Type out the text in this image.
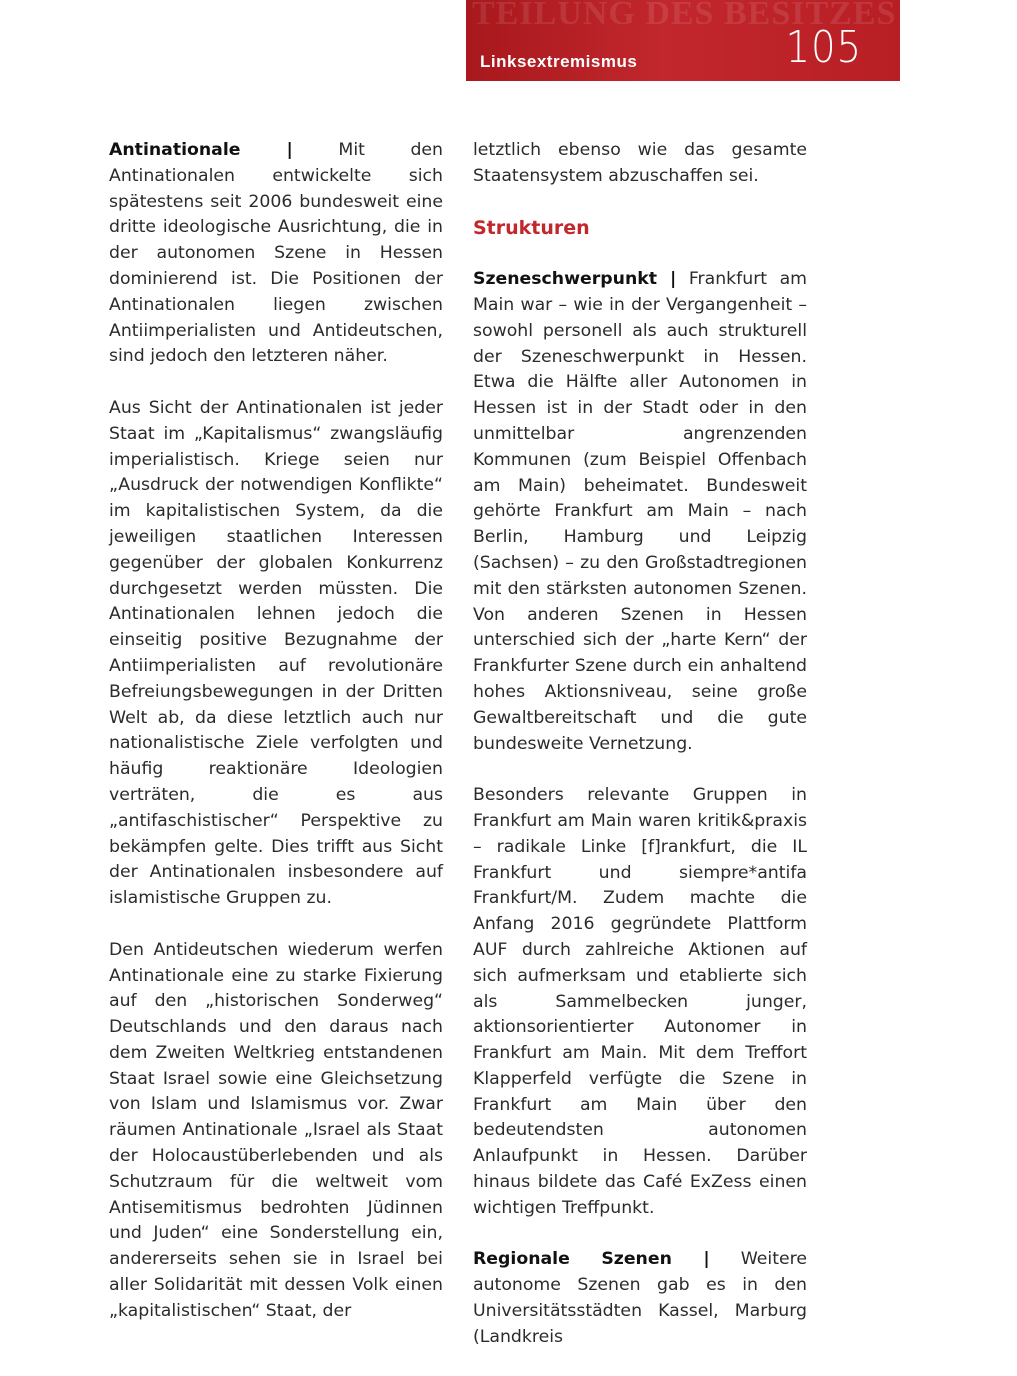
TEILUNG DES BESITZES ... mus.
Linksextremismus	105

Antinationale | Mit den Antinationalen entwickelte sich spätestens seit 2006 bundesweit eine dritte ideologische Ausrichtung, die in der autonomen Szene in Hessen dominierend ist. Die Positionen der Antinationalen liegen zwischen Antiimperialisten und Antideutschen, sind jedoch den letzteren näher.

Aus Sicht der Antinationalen ist jeder Staat im „Kapitalismus“ zwangsläufig imperialistisch. Kriege seien nur „Ausdruck der notwendigen Konflikte“ im kapitalistischen System, da die jeweiligen staatlichen Interessen gegenüber der globalen Konkurrenz durchgesetzt werden müssten. Die Antinationalen lehnen jedoch die einseitig positive Bezugnahme der Antiimperialisten auf revolutionäre Befreiungsbewegungen in der Dritten Welt ab, da diese letztlich auch nur nationalistische Ziele verfolgten und häufig reaktionäre Ideologien verträten, die es aus „antifaschistischer“ Perspektive zu bekämpfen gelte. Dies trifft aus Sicht der Antinationalen insbesondere auf islamistische Gruppen zu.

Den Antideutschen wiederum werfen Antinationale eine zu starke Fixierung auf den „historischen Sonderweg“ Deutschlands und den daraus nach dem Zweiten Weltkrieg entstandenen Staat Israel sowie eine Gleichsetzung von Islam und Islamismus vor. Zwar räumen Antinationale „Israel als Staat der Holocaustüberlebenden und als Schutzraum für die weltweit vom Antisemitismus bedrohten Jüdinnen und Juden“ eine Sonderstellung ein, andererseits sehen sie in Israel bei aller Solidarität mit dessen Volk einen „kapitalistischen“ Staat, der

letztlich ebenso wie das gesamte Staatensystem abzuschaffen sei.

Strukturen

Szeneschwerpunkt | Frankfurt am Main war – wie in der Vergangenheit – sowohl personell als auch strukturell der Szeneschwerpunkt in Hessen. Etwa die Hälfte aller Autonomen in Hessen ist in der Stadt oder in den unmittelbar angrenzenden Kommunen (zum Beispiel Offenbach am Main) beheimatet. Bundesweit gehörte Frankfurt am Main – nach Berlin, Hamburg und Leipzig (Sachsen) – zu den Großstadtregionen mit den stärksten autonomen Szenen. Von anderen Szenen in Hessen unterschied sich der „harte Kern“ der Frankfurter Szene durch ein anhaltend hohes Aktionsniveau, seine große Gewaltbereitschaft und die gute bundesweite Vernetzung.

Besonders relevante Gruppen in Frankfurt am Main waren kritik&praxis – radikale Linke [f]rankfurt, die IL Frankfurt und siempre*antifa Frankfurt/M. Zudem machte die Anfang 2016 gegründete Plattform AUF durch zahlreiche Aktionen auf sich aufmerksam und etablierte sich als Sammelbecken junger, aktionsorientierter Autonomer in Frankfurt am Main. Mit dem Treffort Klapperfeld verfügte die Szene in Frankfurt am Main über den bedeutendsten autonomen Anlaufpunkt in Hessen. Darüber hinaus bildete das Café ExZess einen wichtigen Treffpunkt.

Regionale Szenen | Weitere autonome Szenen gab es in den Universitätsstädten Kassel, Marburg (Landkreis
